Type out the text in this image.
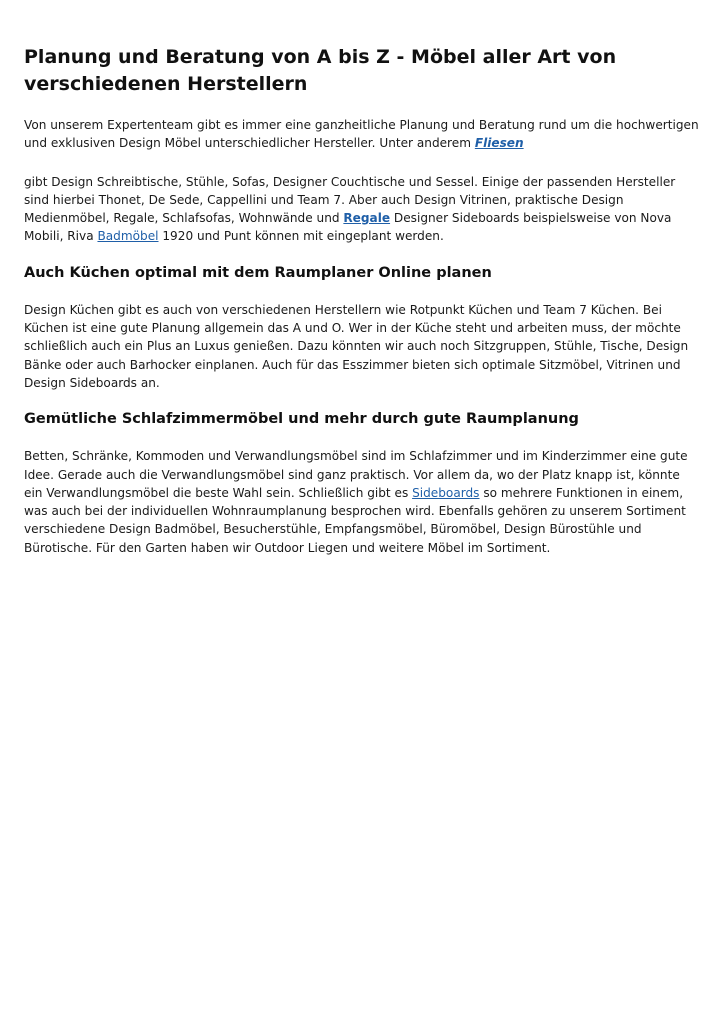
Planung und Beratung von A bis Z - Möbel aller Art von verschiedenen Herstellern

Von unserem Expertenteam gibt es immer eine ganzheitliche Planung und Beratung rund um die hochwertigen und exklusiven Design Möbel unterschiedlicher Hersteller. Unter anderem Fliesen

gibt Design Schreibtische, Stühle, Sofas, Designer Couchtische und Sessel. Einige der passenden Hersteller sind hierbei Thonet, De Sede, Cappellini und Team 7. Aber auch Design Vitrinen, praktische Design Medienmöbel, Regale, Schlafsofas, Wohnwände und Regale Designer Sideboards beispielsweise von Nova Mobili, Riva Badmöbel 1920 und Punt können mit eingeplant werden.

Auch Küchen optimal mit dem Raumplaner Online planen

Design Küchen gibt es auch von verschiedenen Herstellern wie Rotpunkt Küchen und Team 7 Küchen. Bei Küchen ist eine gute Planung allgemein das A und O. Wer in der Küche steht und arbeiten muss, der möchte schließlich auch ein Plus an Luxus genießen. Dazu könnten wir auch noch Sitzgruppen, Stühle, Tische, Design Bänke oder auch Barhocker einplanen. Auch für das Esszimmer bieten sich optimale Sitzmöbel, Vitrinen und Design Sideboards an.

Gemütliche Schlafzimmermöbel und mehr durch gute Raumplanung

Betten, Schränke, Kommoden und Verwandlungsmöbel sind im Schlafzimmer und im Kinderzimmer eine gute Idee. Gerade auch die Verwandlungsmöbel sind ganz praktisch. Vor allem da, wo der Platz knapp ist, könnte ein Verwandlungsmöbel die beste Wahl sein. Schließlich gibt es Sideboards so mehrere Funktionen in einem, was auch bei der individuellen Wohnraumplanung besprochen wird. Ebenfalls gehören zu unserem Sortiment verschiedene Design Badmöbel, Besucherstühle, Empfangsmöbel, Büromöbel, Design Bürostühle und Bürotische. Für den Garten haben wir Outdoor Liegen und weitere Möbel im Sortiment.
